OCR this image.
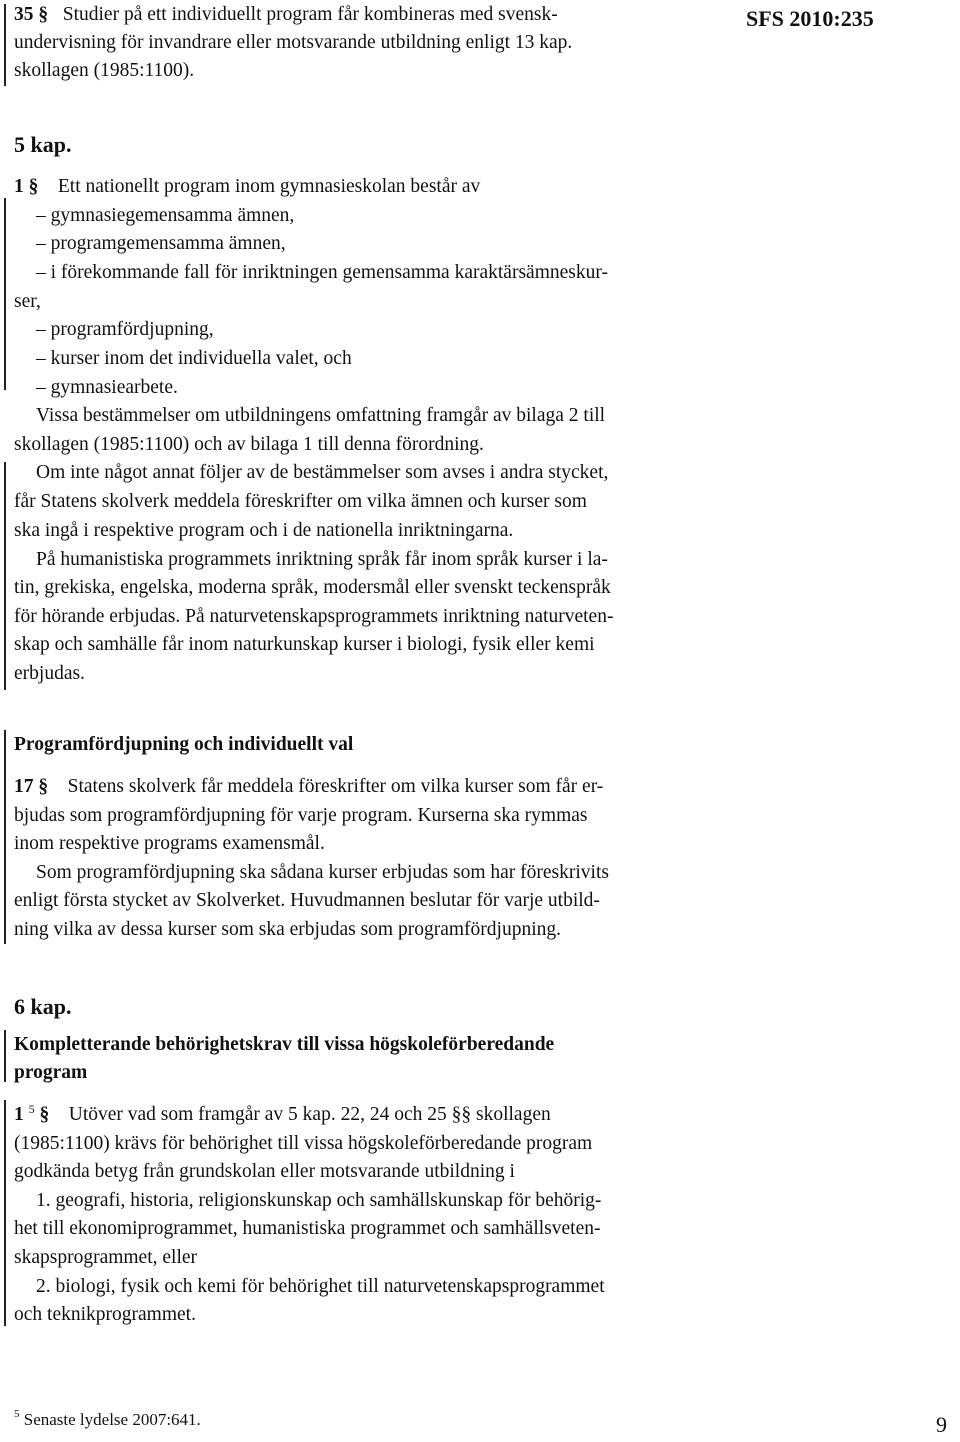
SFS 2010:235
35 § Studier på ett individuellt program får kombineras med svensk-
undervisning för invandrare eller motsvarande utbildning enligt 13 kap.
skollagen (1985:1100).
5 kap.
1 § Ett nationellt program inom gymnasieskolan består av
– gymnasiegemensamma ämnen,
– programgemensamma ämnen,
– i förekommande fall för inriktningen gemensamma karaktärsämneskur-
ser,
– programfördjupning,
– kurser inom det individuella valet, och
– gymnasiearbete.
Vissa bestämmelser om utbildningens omfattning framgår av bilaga 2 till
skollagen (1985:1100) och av bilaga 1 till denna förordning.
Om inte något annat följer av de bestämmelser som avses i andra stycket,
får Statens skolverk meddela föreskrifter om vilka ämnen och kurser som
ska ingå i respektive program och i de nationella inriktningarna.
På humanistiska programmets inriktning språk får inom språk kurser i la-
tin, grekiska, engelska, moderna språk, modersmål eller svenskt teckenspråk
för hörande erbjudas. På naturvetenskapsprogrammets inriktning naturveten-
skap och samhälle får inom naturkunskap kurser i biologi, fysik eller kemi
erbjudas.
Programfördjupning och individuellt val
17 § Statens skolverk får meddela föreskrifter om vilka kurser som får er-
bjudas som programfördjupning för varje program. Kurserna ska rymmas
inom respektive programs examensmål.
Som programfördjupning ska sådana kurser erbjudas som har föreskrivits
enligt första stycket av Skolverket. Huvudmannen beslutar för varje utbild-
ning vilka av dessa kurser som ska erbjudas som programfördjupning.
6 kap.
Kompletterande behörighetskrav till vissa högskoleförberedande
program
1 $^5$ § Utöver vad som framgår av 5 kap. 22, 24 och 25 §§ skollagen
(1985:1100) krävs för behörighet till vissa högskoleförberedande program
godkända betyg från grundskolan eller motsvarande utbildning i
1. geografi, historia, religionskunskap och samhällskunskap för behörig-
het till ekonomiprogrammet, humanistiska programmet och samhällsveten-
skapsprogrammet, eller
2. biologi, fysik och kemi för behörighet till naturvetenskapsprogrammet
och teknikprogrammet.
$^5$ Senaste lydelse 2007:641.	9
